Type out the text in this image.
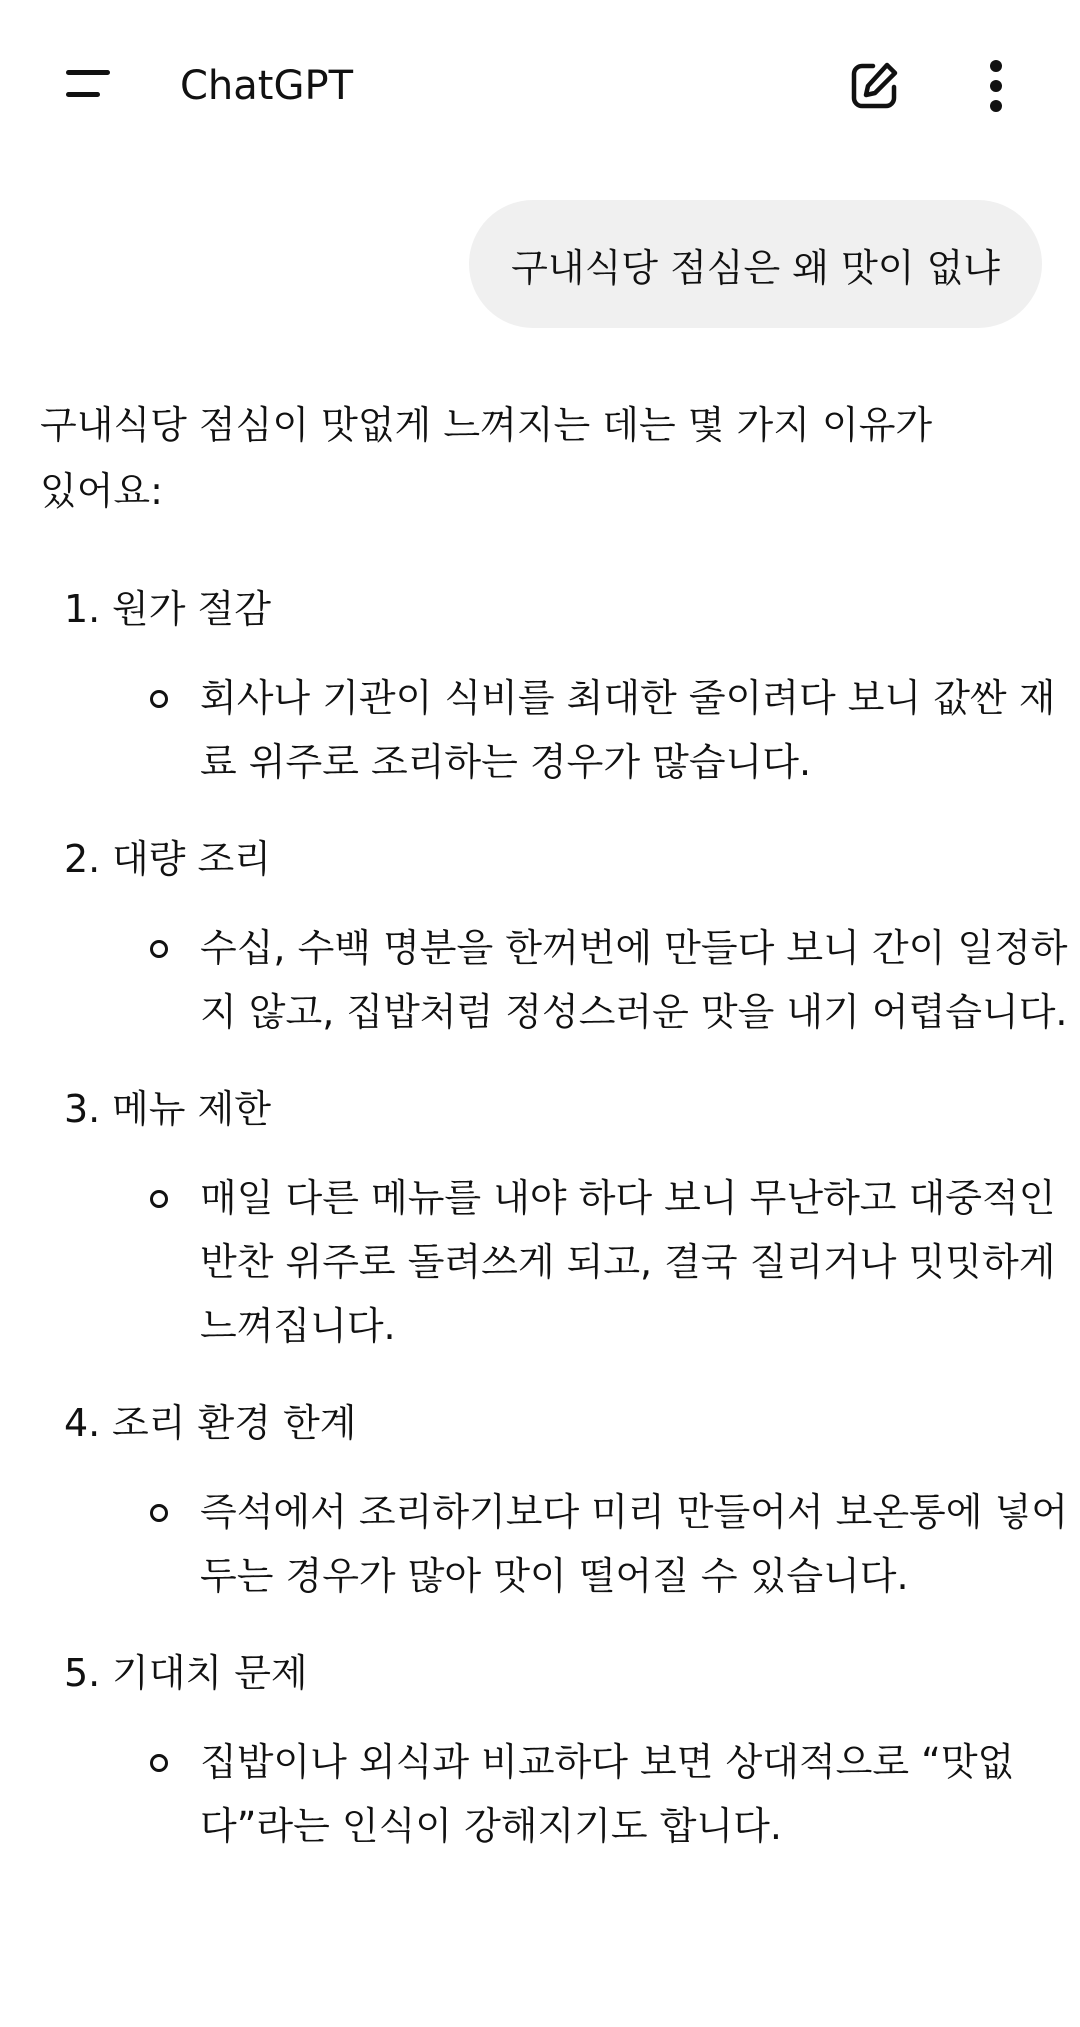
ChatGPT
구내식당 점심은 왜 맛이 없냐
구내식당 점심이 맛없게 느껴지는 데는 몇 가지 이유가 있어요:
1. 원가 절감
회사나 기관이 식비를 최대한 줄이려다 보니 값싼 재료 위주로 조리하는 경우가 많습니다.
2. 대량 조리
수십, 수백 명분을 한꺼번에 만들다 보니 간이 일정하지 않고, 집밥처럼 정성스러운 맛을 내기 어렵습니다.
3. 메뉴 제한
매일 다른 메뉴를 내야 하다 보니 무난하고 대중적인 반찬 위주로 돌려쓰게 되고, 결국 질리거나 밋밋하게 느껴집니다.
4. 조리 환경 한계
즉석에서 조리하기보다 미리 만들어서 보온통에 넣어 두는 경우가 많아 맛이 떨어질 수 있습니다.
5. 기대치 문제
집밥이나 외식과 비교하다 보면 상대적으로 “맛없다”라는 인식이 강해지기도 합니다.
